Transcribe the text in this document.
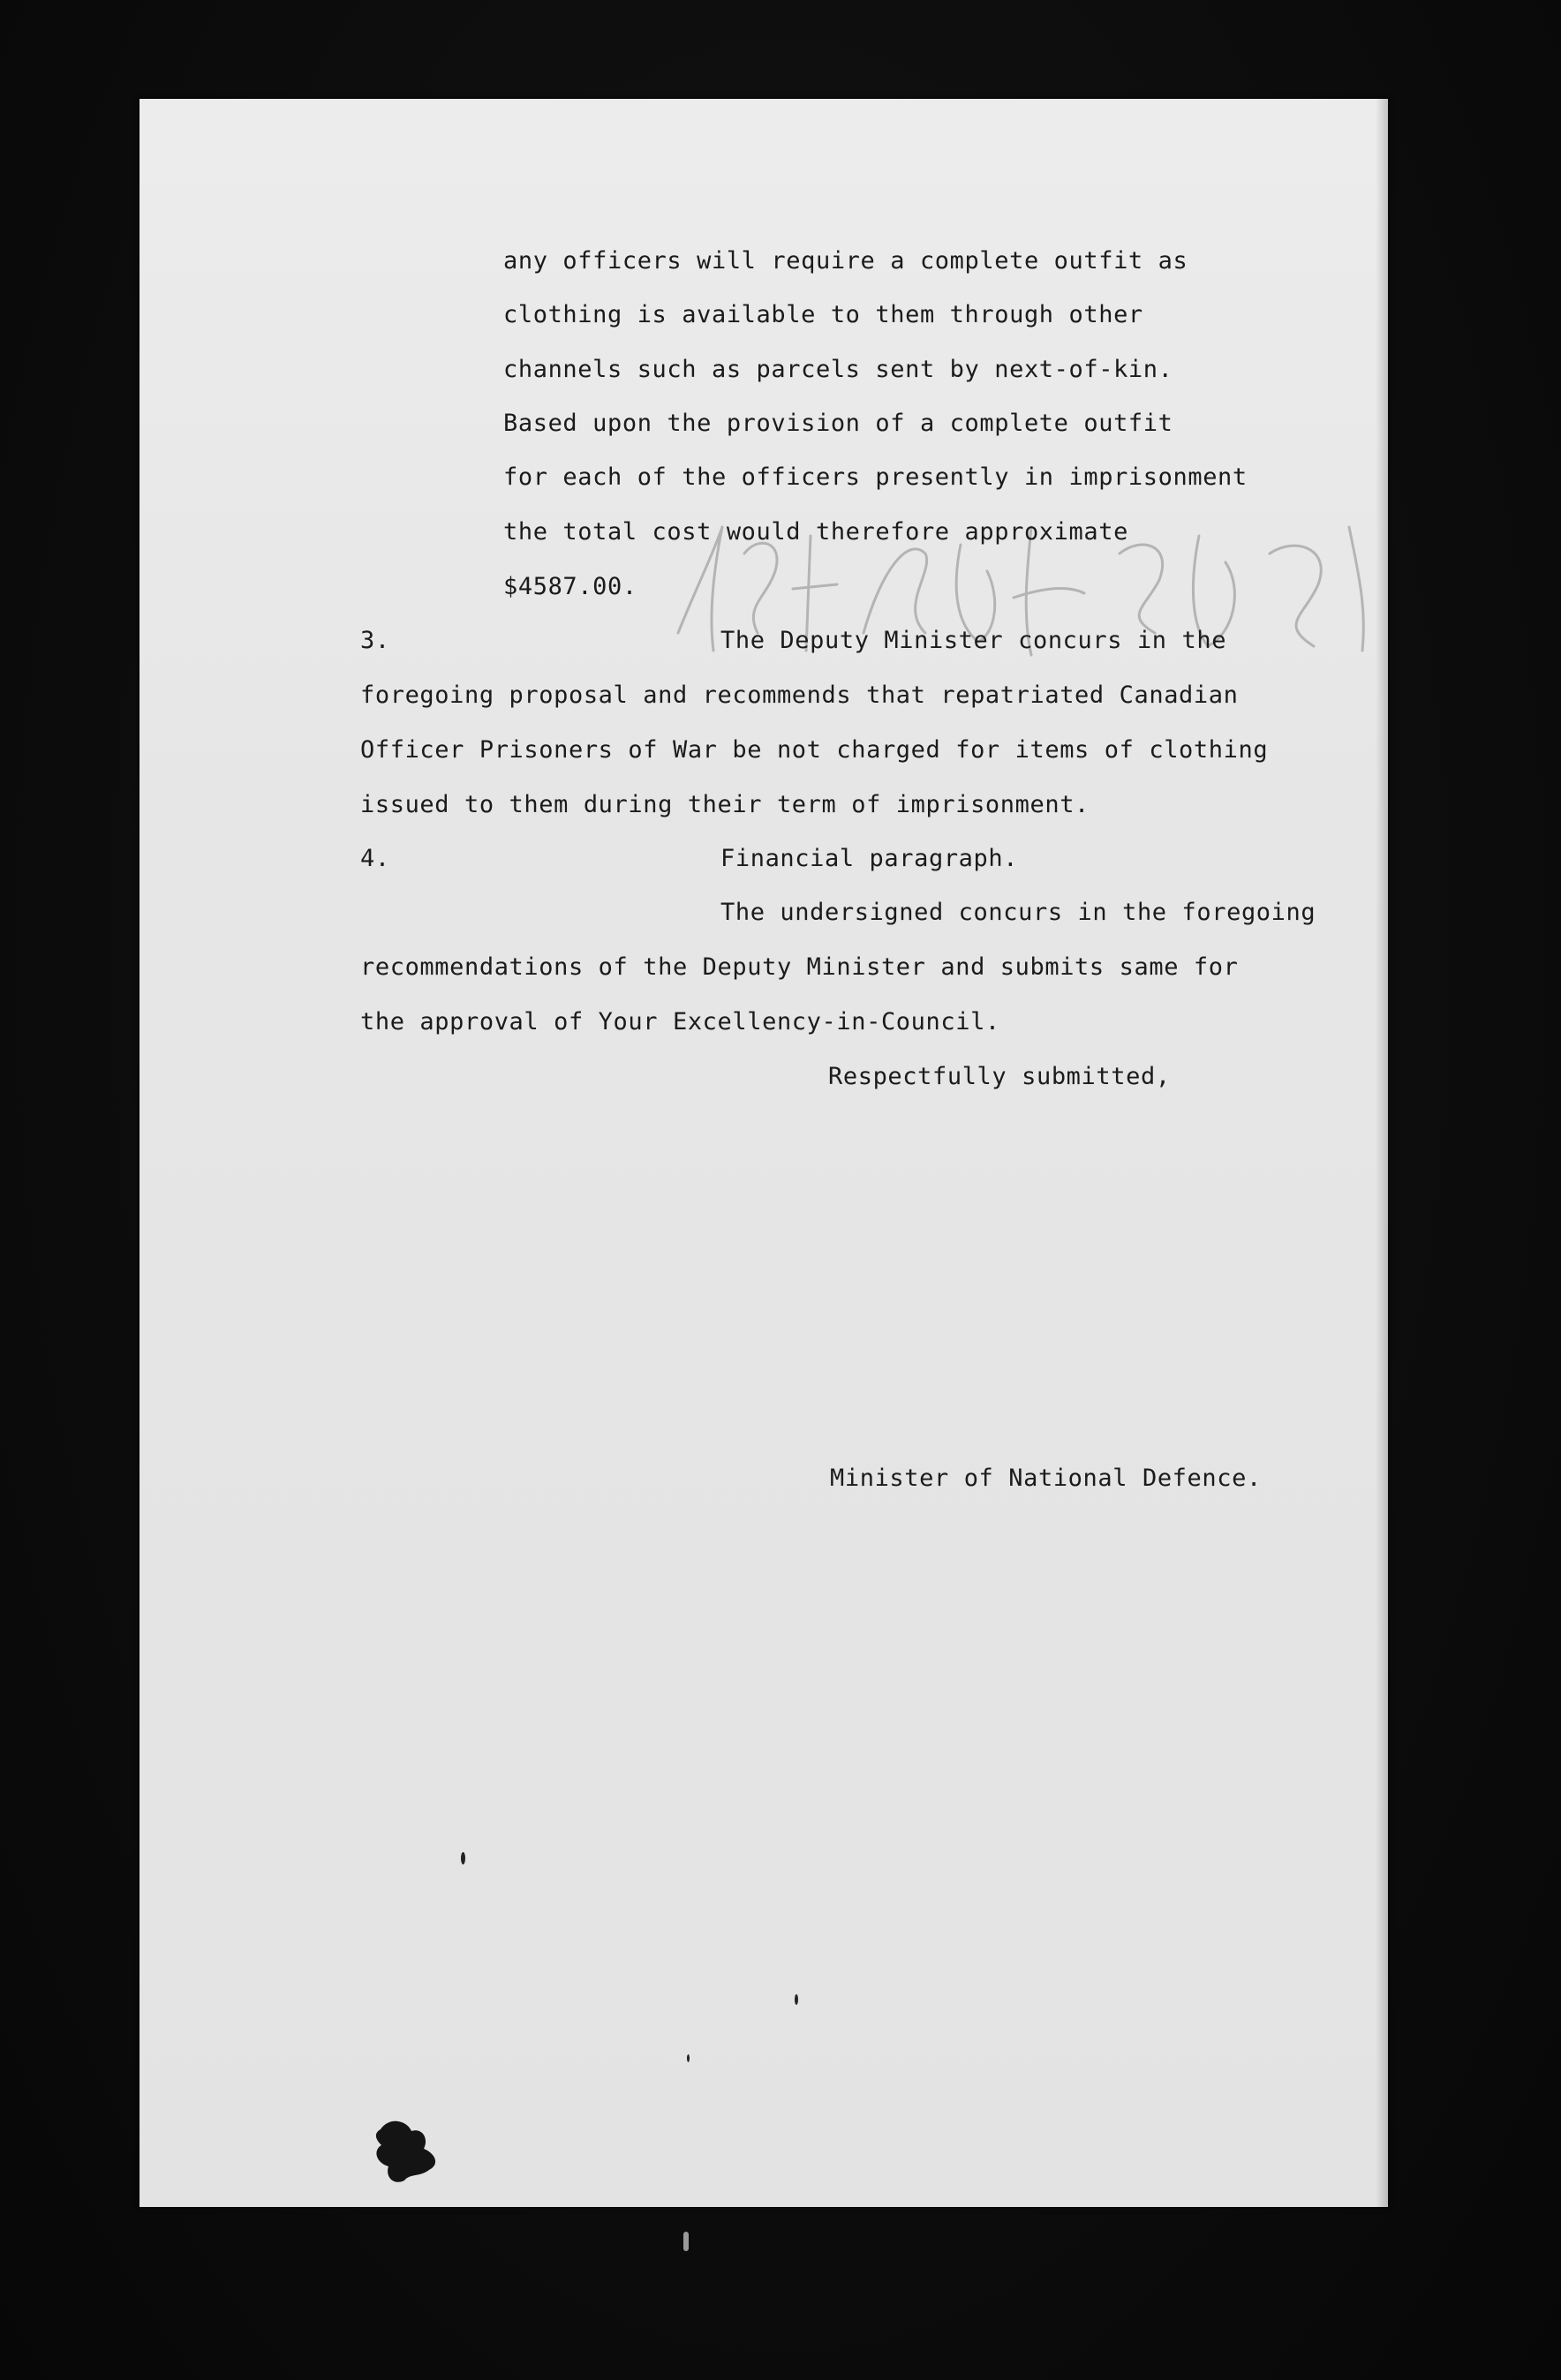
any officers will require a complete outfit as
clothing is available to them through other
channels such as parcels sent by next-of-kin.
Based upon the provision of a complete outfit
for each of the officers presently in imprisonment
the total cost would therefore approximate
$4587.00.
3.	The Deputy Minister concurs in the
foregoing proposal and recommends that repatriated Canadian
Officer Prisoners of War be not charged for items of clothing
issued to them during their term of imprisonment.
4.	Financial paragraph.
The undersigned concurs in the foregoing
recommendations of the Deputy Minister and submits same for
the approval of Your Excellency-in-Council.
Respectfully submitted,
Minister of National Defence.
